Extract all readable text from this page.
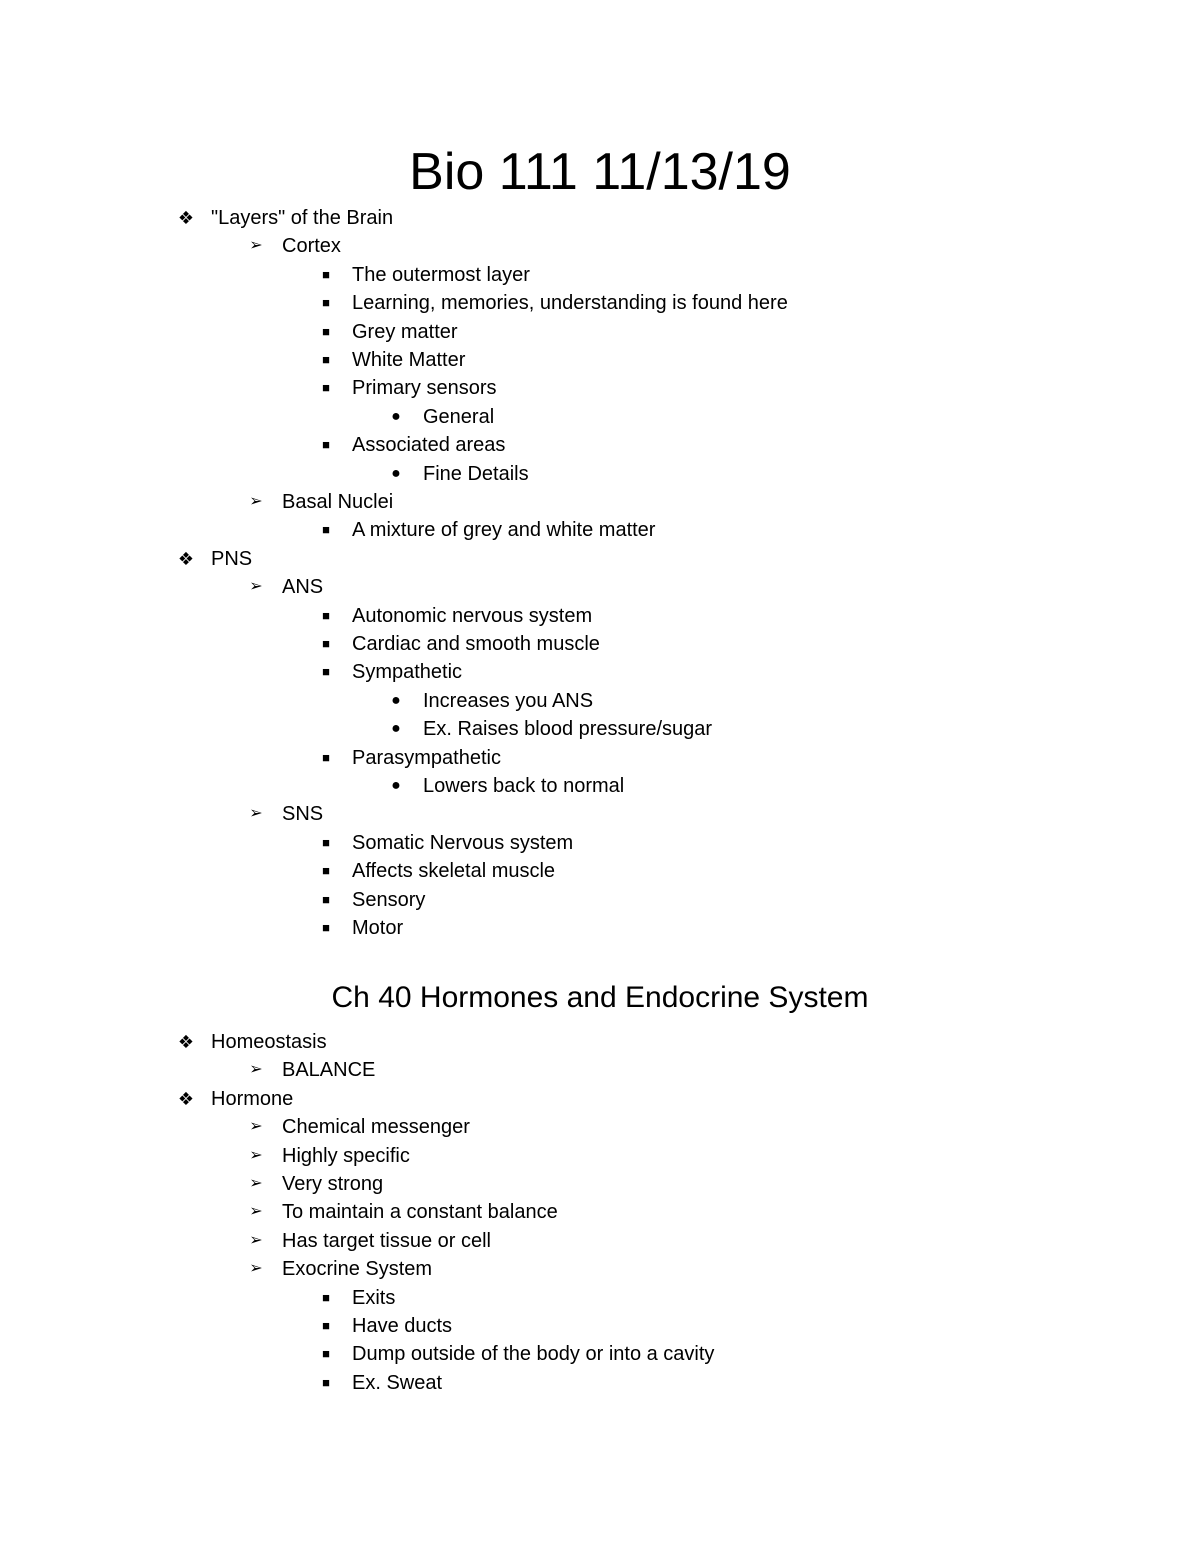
Bio 111 11/13/19
❖ "Layers" of the Brain
➢ Cortex
■	The outermost layer
■	Learning, memories, understanding is found here
■	Grey matter
■	White Matter
■	Primary sensors
● General
■	Associated areas
● Fine Details
➢ Basal Nuclei
■	A mixture of grey and white matter
❖ PNS
➢ ANS
■	Autonomic nervous system
■	Cardiac and smooth muscle
■	Sympathetic
● Increases you ANS
● Ex. Raises blood pressure/sugar
■	Parasympathetic
● Lowers back to normal
➢ SNS
■	Somatic Nervous system
■	Affects skeletal muscle
■	Sensory
■	Motor
Ch 40 Hormones and Endocrine System
❖ Homeostasis
➢ BALANCE
❖ Hormone
➢ Chemical messenger
➢ Highly specific
➢ Very strong
➢ To maintain a constant balance
➢ Has target tissue or cell
➢ Exocrine System
■	Exits
■	Have ducts
■	Dump outside of the body or into a cavity
■	Ex. Sweat
